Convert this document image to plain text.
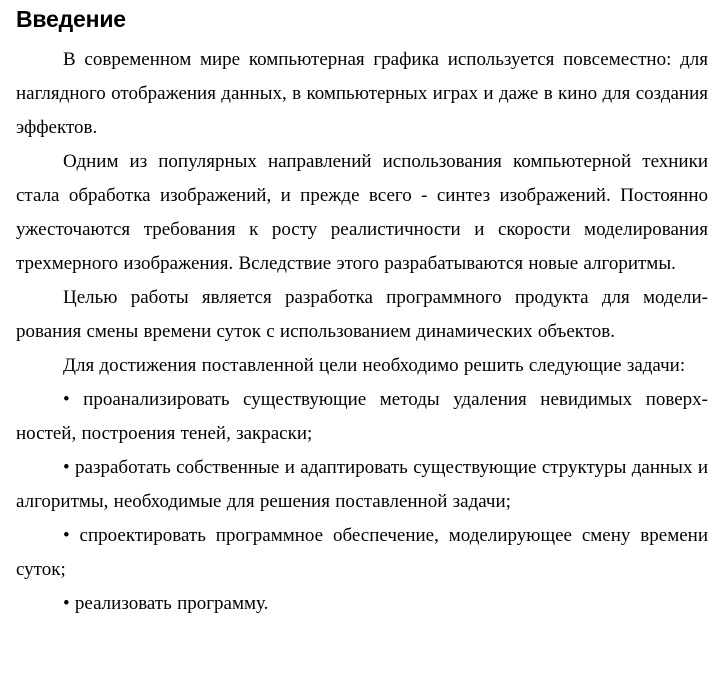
Введение

В современном мире компьютерная графика используется повсеместно: для наглядного отображения данных, в компьютерных играх и даже в кино для создания эффектов.

Одним из популярных направлений использования компьютерной техники стала обработка изображений, и прежде всего - синтез изображений. Постоянно ужесточаются требования к росту реалистичности и скорости моделирования трехмерного изображения. Вследствие этого разрабатываются новые алгоритмы.

Целью работы является разработка программного продукта для моделирования смены времени суток с использованием динамических объектов.

Для достижения поставленной цели необходимо решить следующие задачи:

• проанализировать существующие методы удаления невидимых поверхностей, построения теней, закраски;

• разработать собственные и адаптировать существующие структуры данных и алгоритмы, необходимые для решения поставленной задачи;

• спроектировать программное обеспечение, моделирующее смену времени суток;

• реализовать программу.
